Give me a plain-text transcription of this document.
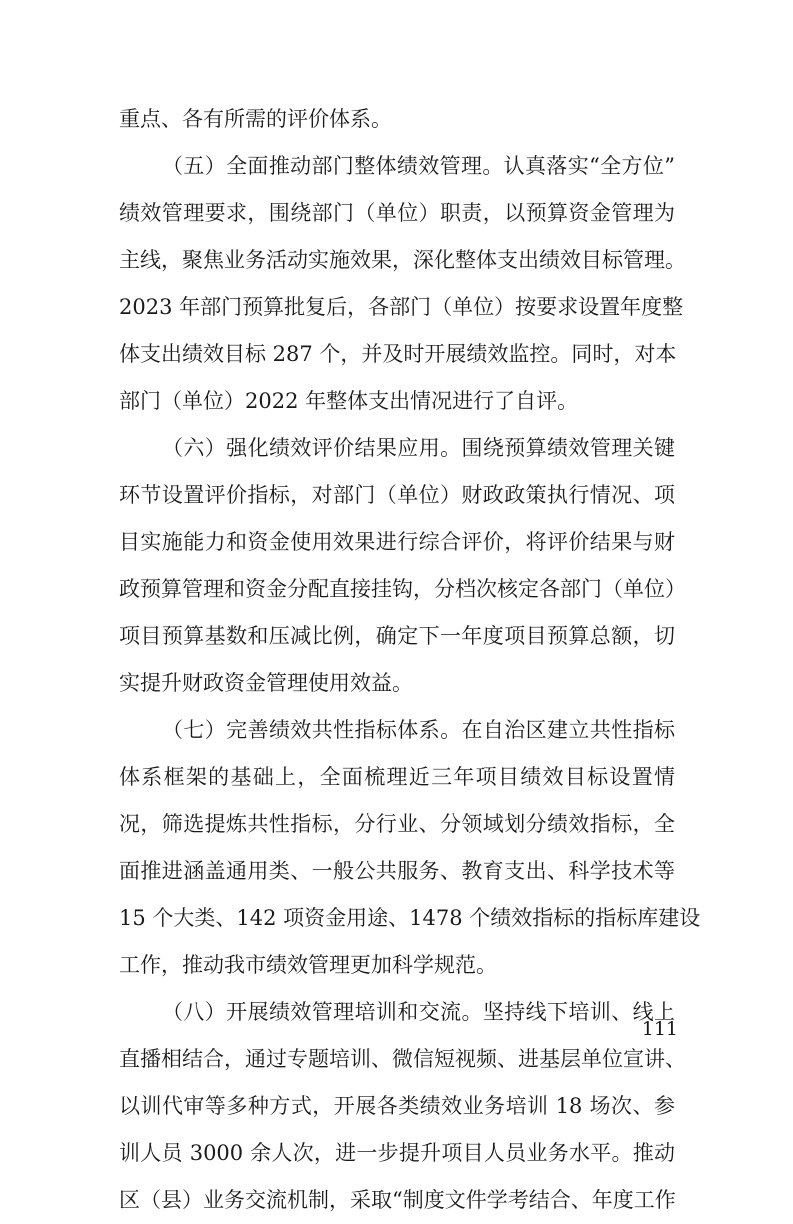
重点、各有所需的评价体系。
（五）全面推动部门整体绩效管理。认真落实“全方位”
绩效管理要求，围绕部门（单位）职责，以预算资金管理为
主线，聚焦业务活动实施效果，深化整体支出绩效目标管理。
2023 年部门预算批复后，各部门（单位）按要求设置年度整
体支出绩效目标 287 个，并及时开展绩效监控。同时，对本
部门（单位）2022 年整体支出情况进行了自评。
（六）强化绩效评价结果应用。围绕预算绩效管理关键
环节设置评价指标，对部门（单位）财政政策执行情况、项
目实施能力和资金使用效果进行综合评价，将评价结果与财
政预算管理和资金分配直接挂钩，分档次核定各部门（单位）
项目预算基数和压减比例，确定下一年度项目预算总额，切
实提升财政资金管理使用效益。
（七）完善绩效共性指标体系。在自治区建立共性指标
体系框架的基础上，全面梳理近三年项目绩效目标设置情
况，筛选提炼共性指标，分行业、分领域划分绩效指标，全
面推进涵盖通用类、一般公共服务、教育支出、科学技术等
15 个大类、142 项资金用途、1478 个绩效指标的指标库建设
工作，推动我市绩效管理更加科学规范。
（八）开展绩效管理培训和交流。坚持线下培训、线上
直播相结合，通过专题培训、微信短视频、进基层单位宣讲、
以训代审等多种方式，开展各类绩效业务培训 18 场次、参
训人员 3000 余人次，进一步提升项目人员业务水平。推动
区（县）业务交流机制，采取“制度文件学考结合、年度工作
111
